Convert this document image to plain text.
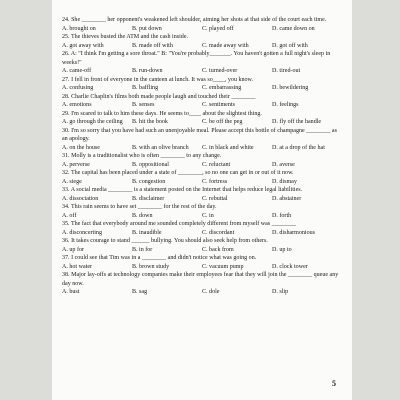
24. She ________ her opponent's weakened left shoulder, aiming her shots at that side of the court each time.
A. brought on	B. put down	C. played off	D. came down on
25. The thieves busted the ATM and the cash inside.
A. got away with	B. made off with	C. made away with	D. got off with
26. A: "I think I'm getting a sore throat." B: "You're probably_______. You haven't gotten a full night's sleep in weeks!"
A. came-off	B. run-down	C. turned-over	D. tired-out
27. I fell in front of everyone in the canteen at lunch. It was so____, you know.
A. confusing	B. baffling	C. embarrassing	D. bewildering
28. Charlie Chaplin's films both made people laugh and touched their ________
A. emotions	B. senses	C. sentiments	D. feelings
29. I'm scared to talk to him these days. He seems to____ about the slightest thing.
A. go through the ceiling	B. hit the book	C. be off the peg	D. fly off the handle
30. I'm so sorry that you have had such an unenjoyable meal. Please accept this bottle of champagne ________ as an apology.
A. on the house	B. with an olive branch	C. in black and white	D. at a drop of the hat
31. Molly is a traditionalist who is often ________ to any change.
A. perverse	B. oppositional	C. reluctant	D. averse
32. The capital has been placed under a state of ________, so no one can get in or out of it now.
A. siege	B. congestion	C. fortress	D. dismay
33. A social media ________ is a statement posted on the Internet that helps reduce legal liabilities.
A. dissociation	B. disclaimer	C. rebuttal	D. abstainer
34. This rain seems to have set ________ for the rest of the day.
A. off	B. down	C. in	D. forth
35. The fact that everybody around me sounded completely different from myself was ________
A. disconcerting	B. inaudible	C. discordant	D. disharmonious
36. It takes courage to stand ______ bullying. You should also seek help from others.
A. up for	B. in for	C. back from	D. up to
37. I could see that Tim was in a ________ and didn't notice what was going on.
A. hot water	B. brown study	C. vacuum pump	D. clock tower
38. Major lay-offs at technology companies make their employees fear that they will join the ________ queue any day now.
A. bust	B. sag	C. dole	D. slip
5
